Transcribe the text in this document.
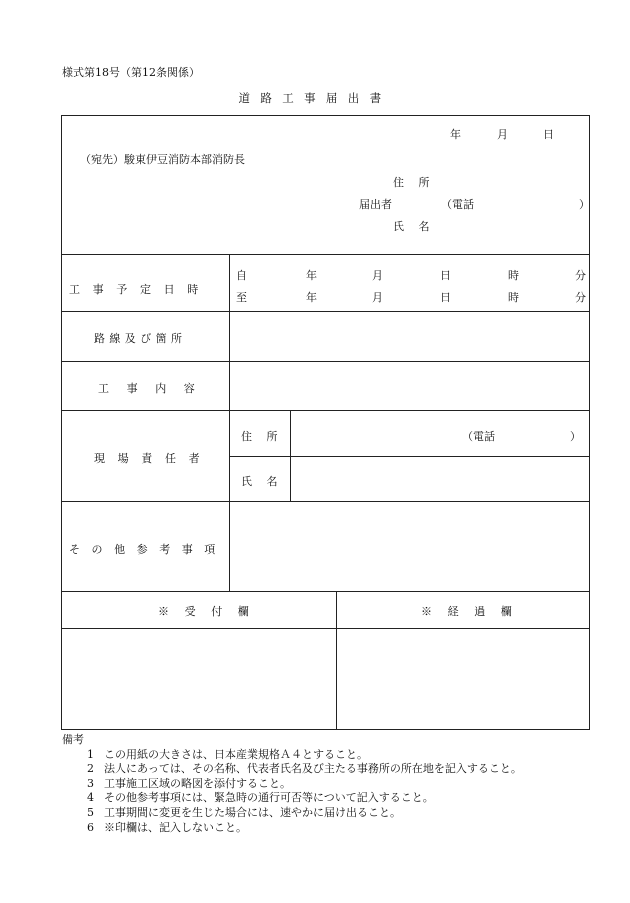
様式第18号（第12条関係）
道路工事届出書
年	月	日
（宛先）駿東伊豆消防本部消防長
住 所
届出者	（電話	）
氏 名
工事予定日時
自	年	月	日	時	分
至	年	月	日	時	分
路線及び箇所
工事内容
現場責任者
住 所	（電話	）
氏 名
その他参考事項
※ 受 付 欄	※ 経 過 欄
備考
1 この用紙の大きさは、日本産業規格Ａ４とすること。
2 法人にあっては、その名称、代表者氏名及び主たる事務所の所在地を記入すること。
3 工事施工区域の略図を添付すること。
4 その他参考事項には、緊急時の通行可否等について記入すること。
5 工事期間に変更を生じた場合には、速やかに届け出ること。
6 ※印欄は、記入しないこと。
